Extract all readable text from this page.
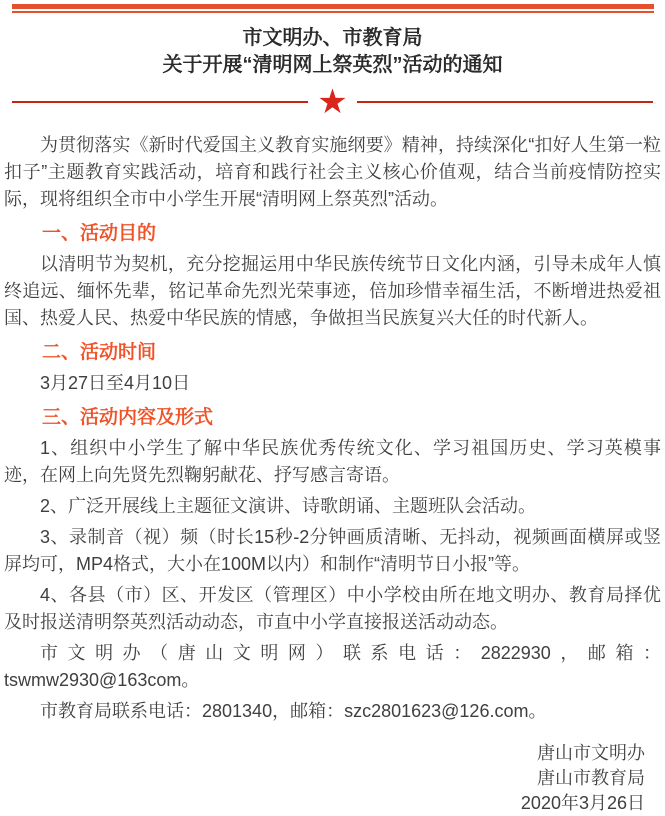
市文明办、市教育局
关于开展“清明网上祭英烈”活动的通知
★

为贯彻落实《新时代爱国主义教育实施纲要》精神，持续深化“扣好人生第一粒扣子”主题教育实践活动，培育和践行社会主义核心价值观，结合当前疫情防控实际，现将组织全市中小学生开展“清明网上祭英烈”活动。

一、活动目的

以清明节为契机，充分挖掘运用中华民族传统节日文化内涵，引导未成年人慎终追远、缅怀先辈，铭记革命先烈光荣事迹，倍加珍惜幸福生活，不断增进热爱祖国、热爱人民、热爱中华民族的情感，争做担当民族复兴大任的时代新人。

二、活动时间

3月27日至4月10日

三、活动内容及形式

1、组织中小学生了解中华民族优秀传统文化、学习祖国历史、学习英模事迹，在网上向先贤先烈鞠躬献花、抒写感言寄语。

2、广泛开展线上主题征文演讲、诗歌朗诵、主题班队会活动。

3、录制音（视）频（时长15秒-2分钟画质清晰、无抖动，视频画面横屏或竖屏均可，MP4格式，大小在100M以内）和制作“清明节日小报”等。

4、各县（市）区、开发区（管理区）中小学校由所在地文明办、教育局择优及时报送清明祭英烈活动动态，市直中小学直接报送活动动态。

市文明办（唐山文明网）联系电话：2822930，邮箱：tswmw2930@163com。

市教育局联系电话：2801340，邮箱：szc2801623@126.com。

唐山市文明办

唐山市教育局

2020年3月26日
